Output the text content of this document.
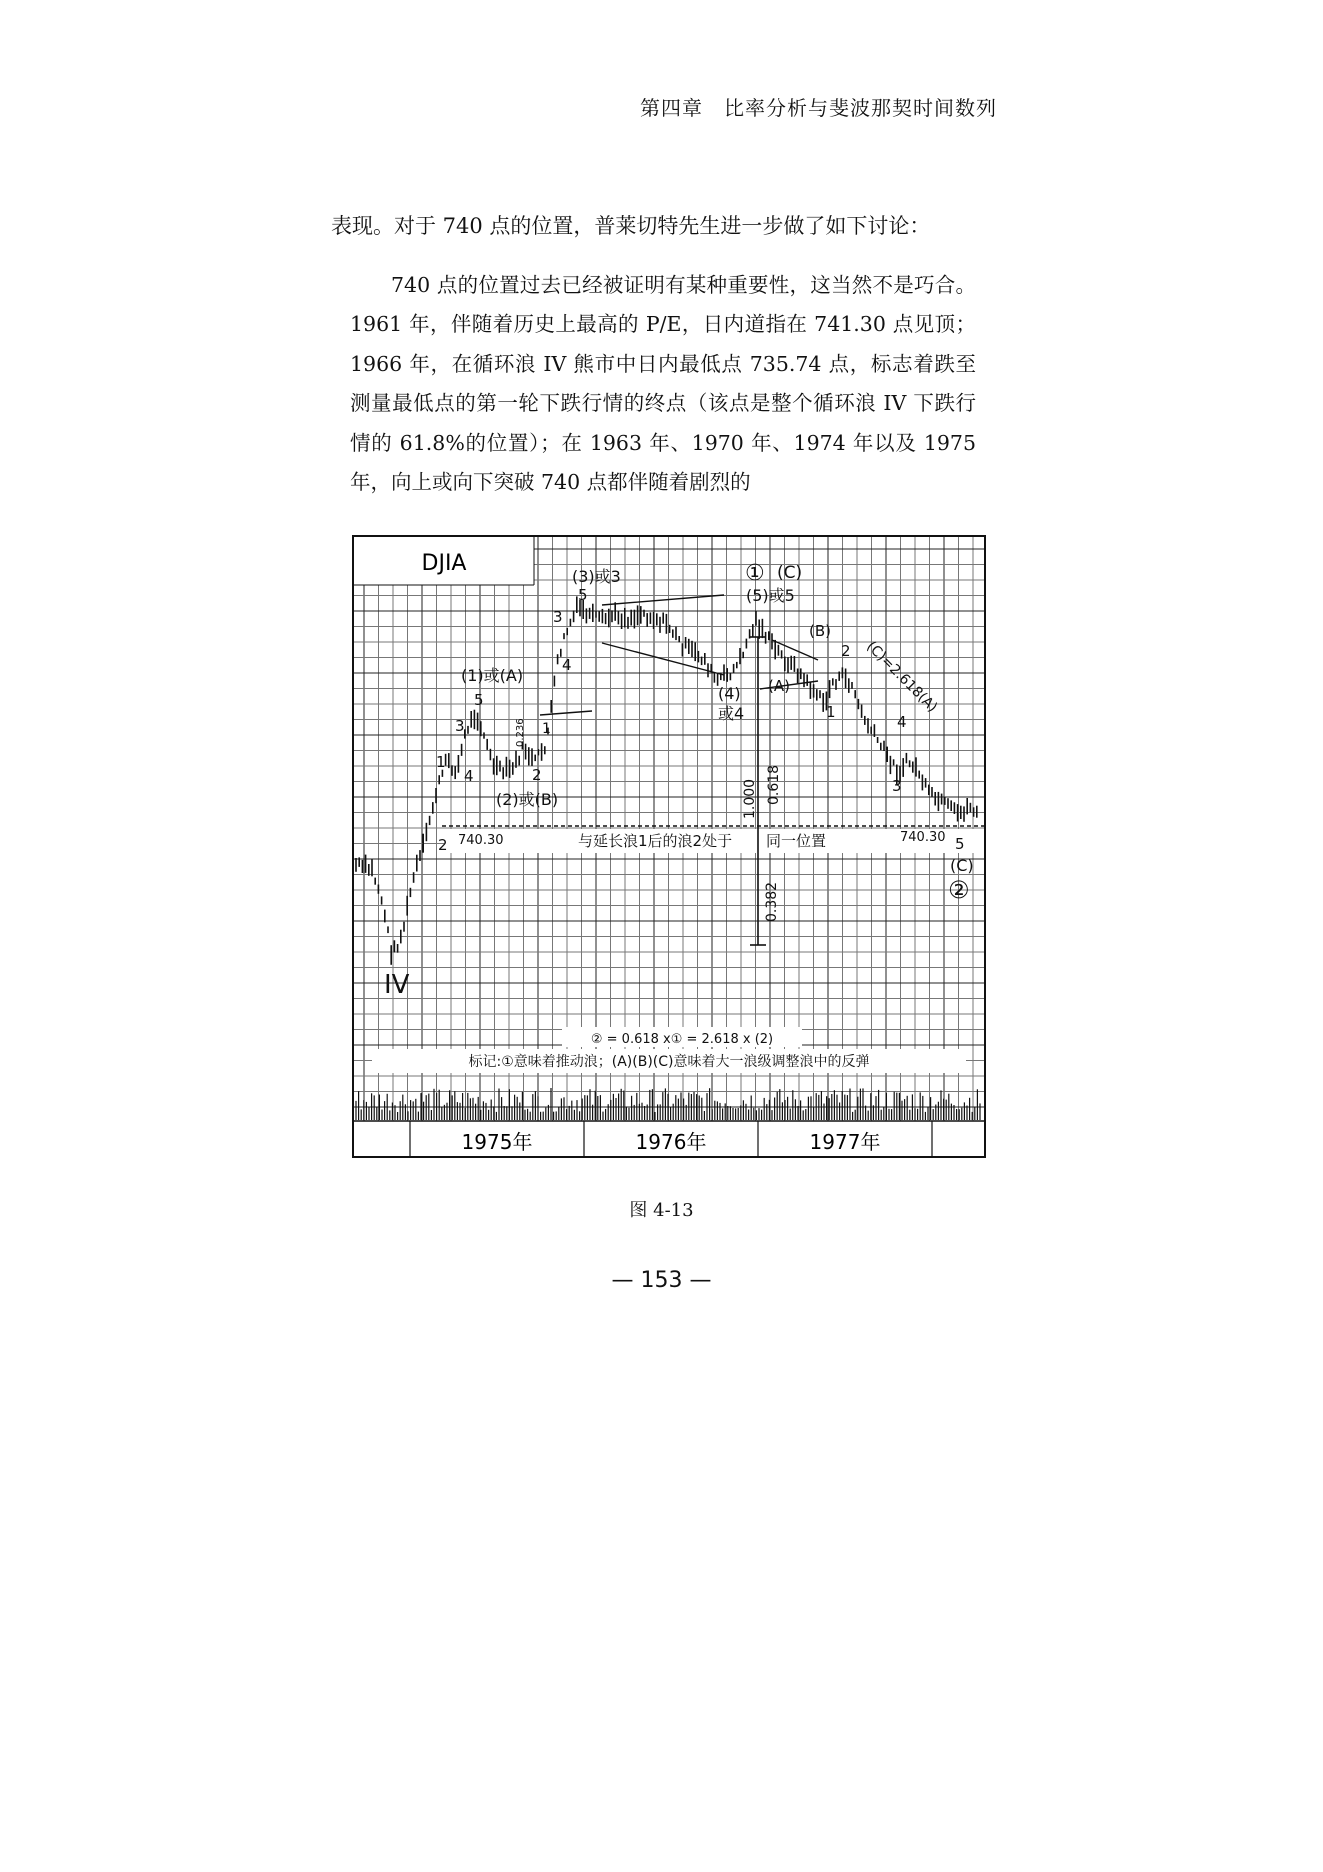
第四章　比率分析与斐波那契时间数列
表现。对于 740 点的位置，普莱切特先生进一步做了如下讨论：

740 点的位置过去已经被证明有某种重要性，这当然不是巧合。1961 年，伴随着历史上最高的 P/E，日内道指在 741.30 点见顶；1966 年，在循环浪 IV 熊市中日内最低点 735.74 点，标志着跌至测量最低点的第一轮下跌行情的终点（该点是整个循环浪 IV 下跌行情的 61.8%的位置）；在 1963 年、1970 年、1974 年以及 1975 年，向上或向下突破 740 点都伴随着剧烈的

DJIA
1975年	1976年	1977年
IV
2
1
3
4
5
(1)或(A)
1
2
0.236
(2)或(B)
(3)或3
5
3
4
(4)
或4
① (C)
(5)或5
(B)
(A)
1
2 (C)=2.618(A)
4
3
5
(C)
②
740.30	740.30
与延长浪1后的浪2处于 同一位置
1.000 0.618
0.382
② = 0.618 x① = 2.618 x (2)
标记:①意味着推动浪；(A)(B)(C)意味着大一浪级调整浪中的反弹
图 4-13
— 153 —
